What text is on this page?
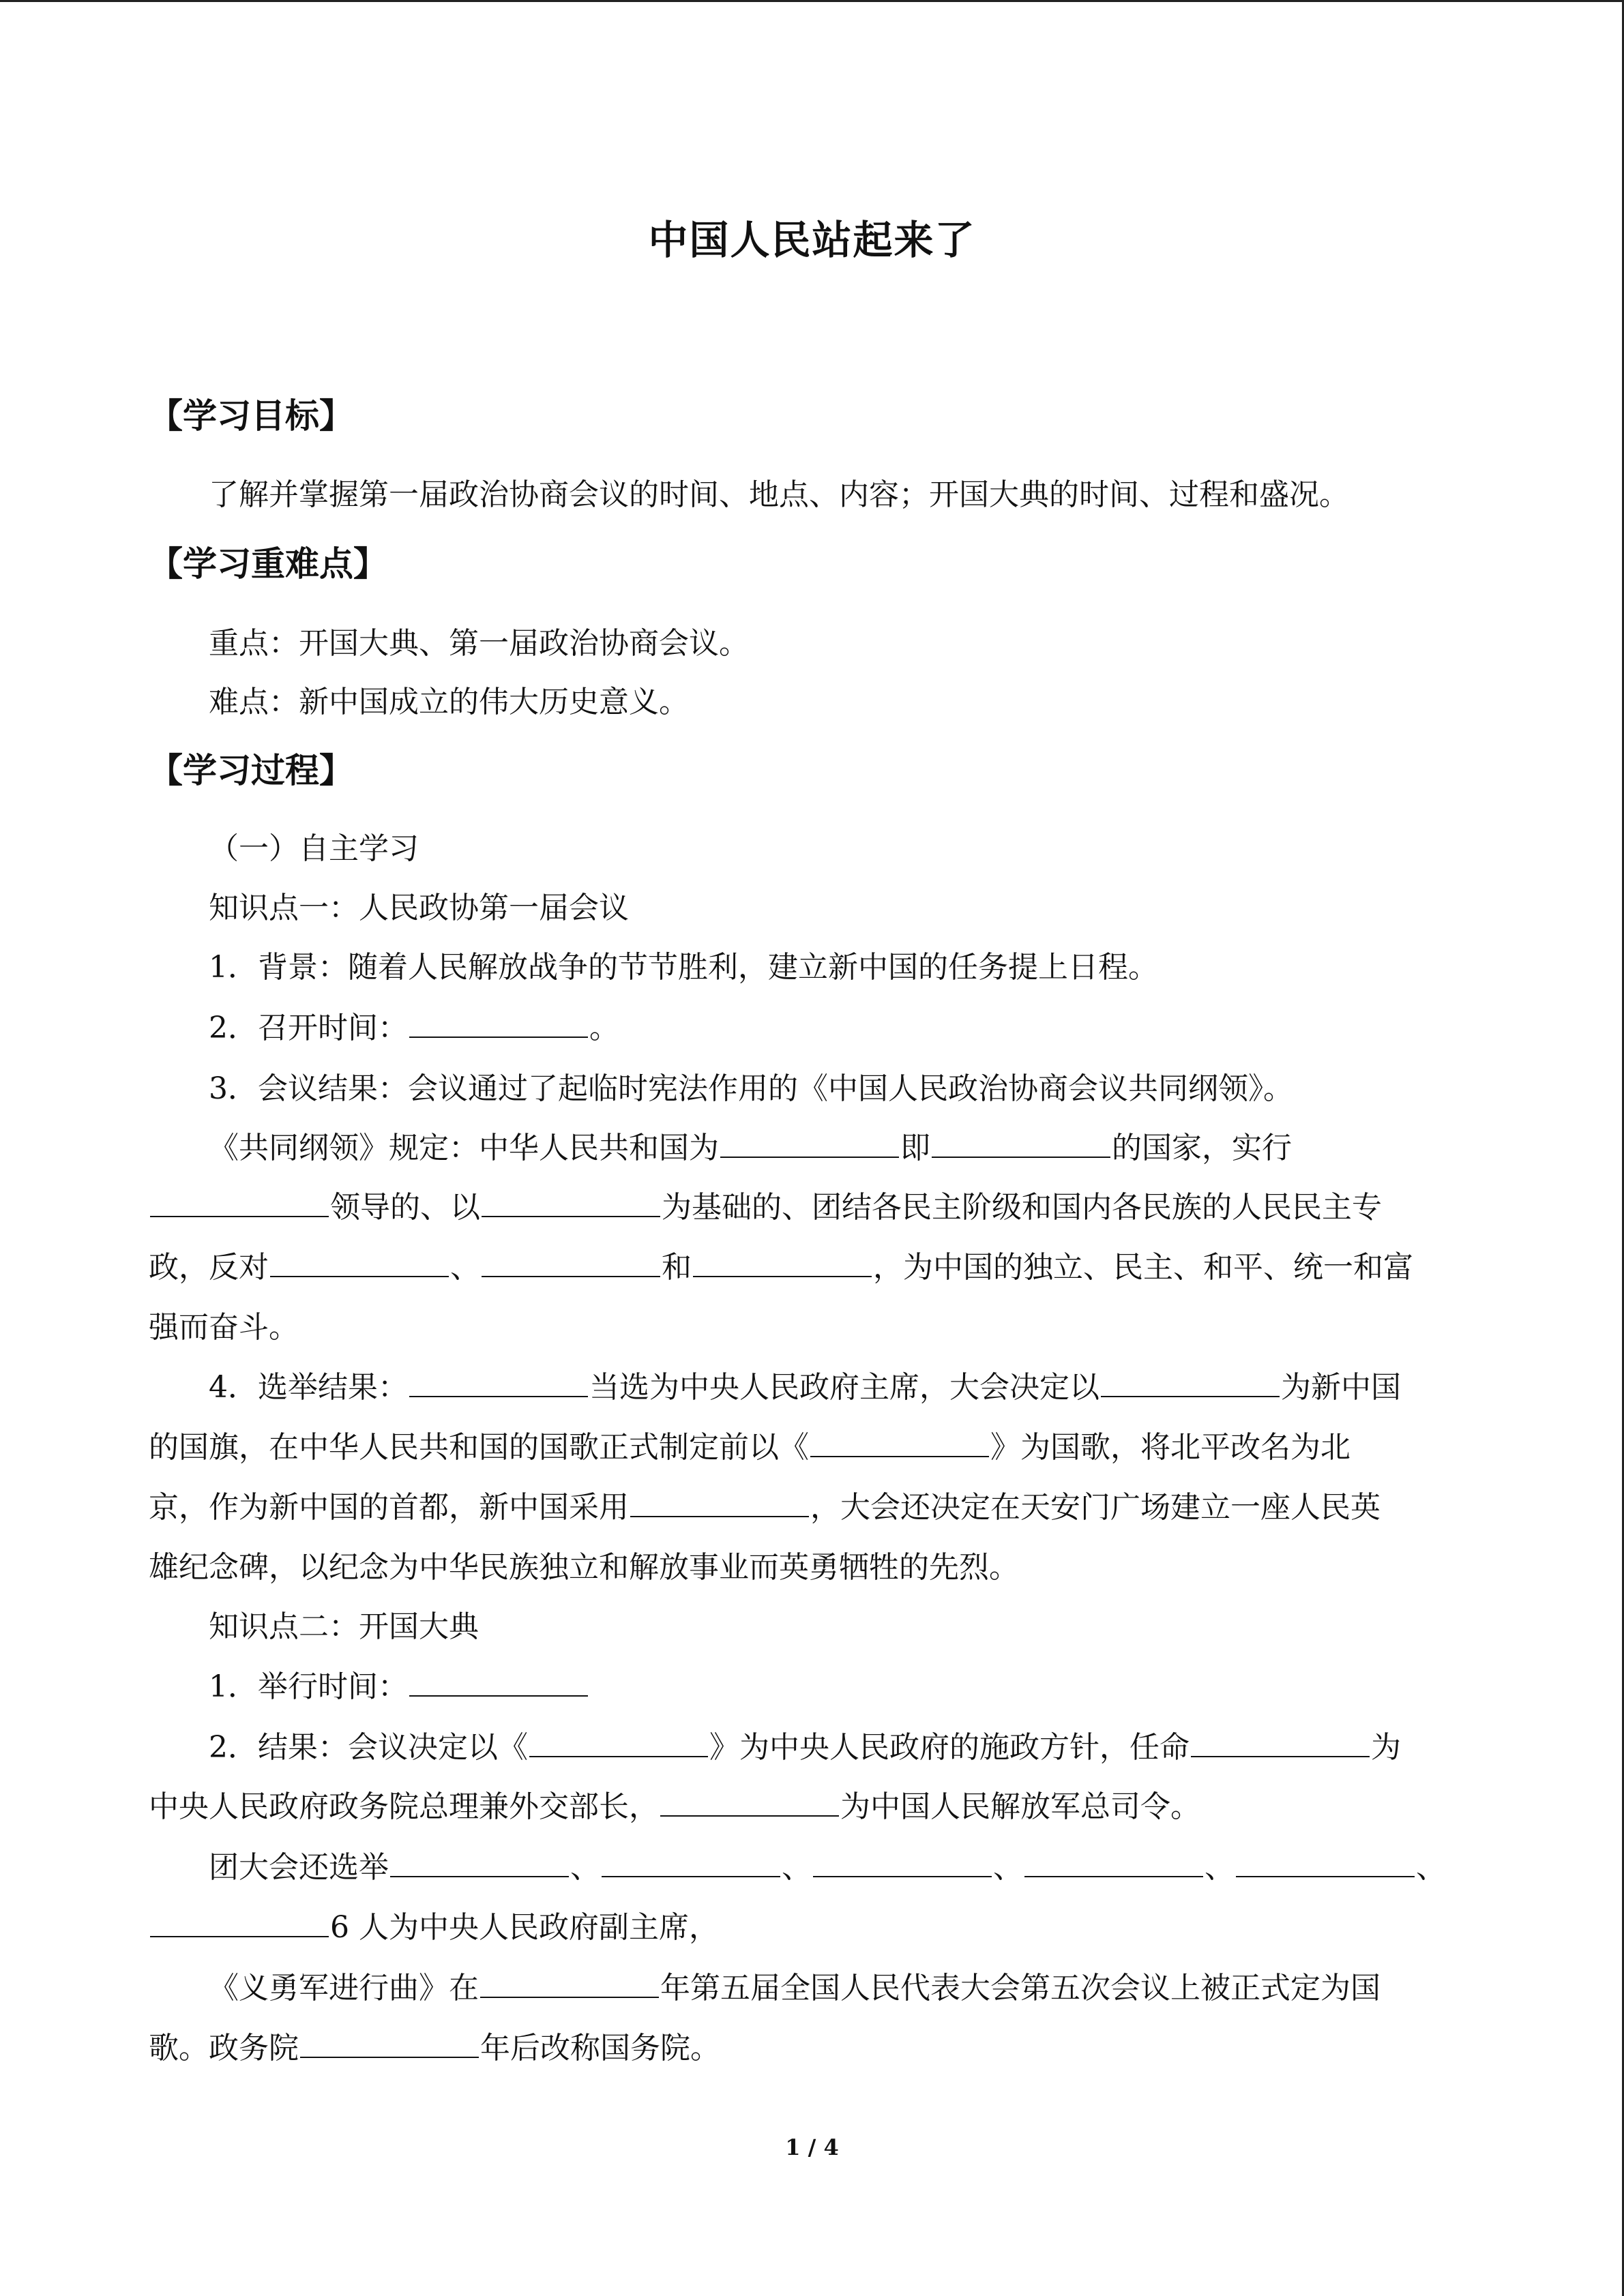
中国人民站起来了
【学习目标】
了解并掌握第一届政治协商会议的时间、地点、内容；开国大典的时间、过程和盛况。
【学习重难点】
重点：开国大典、第一届政治协商会议。
难点：新中国成立的伟大历史意义。
【学习过程】
（一）自主学习
知识点一：人民政协第一届会议
1．背景：随着人民解放战争的节节胜利，建立新中国的任务提上日程。
2．召开时间：	。
3．会议结果：会议通过了起临时宪法作用的《中国人民政治协商会议共同纲领》。
《共同纲领》规定：中华人民共和国为	即	的国家，实行
领导的、以	为基础的、团结各民主阶级和国内各民族的人民民主专
政，反对	、	和	，为中国的独立、民主、和平、统一和富
强而奋斗。
4．选举结果：	当选为中央人民政府主席，大会决定以	为新中国
的国旗，在中华人民共和国的国歌正式制定前以《	》为国歌，将北平改名为北
京，作为新中国的首都，新中国采用	，大会还决定在天安门广场建立一座人民英
雄纪念碑，以纪念为中华民族独立和解放事业而英勇牺牲的先烈。
知识点二：开国大典
1．举行时间：
2．结果：会议决定以《	》为中央人民政府的施政方针，任命	为
中央人民政府政务院总理兼外交部长，	为中国人民解放军总司令。
团大会还选举	、	、	、	、	、
6 人为中央人民政府副主席，
《义勇军进行曲》在	年第五届全国人民代表大会第五次会议上被正式定为国
歌。政务院	年后改称国务院。
1 / 4
